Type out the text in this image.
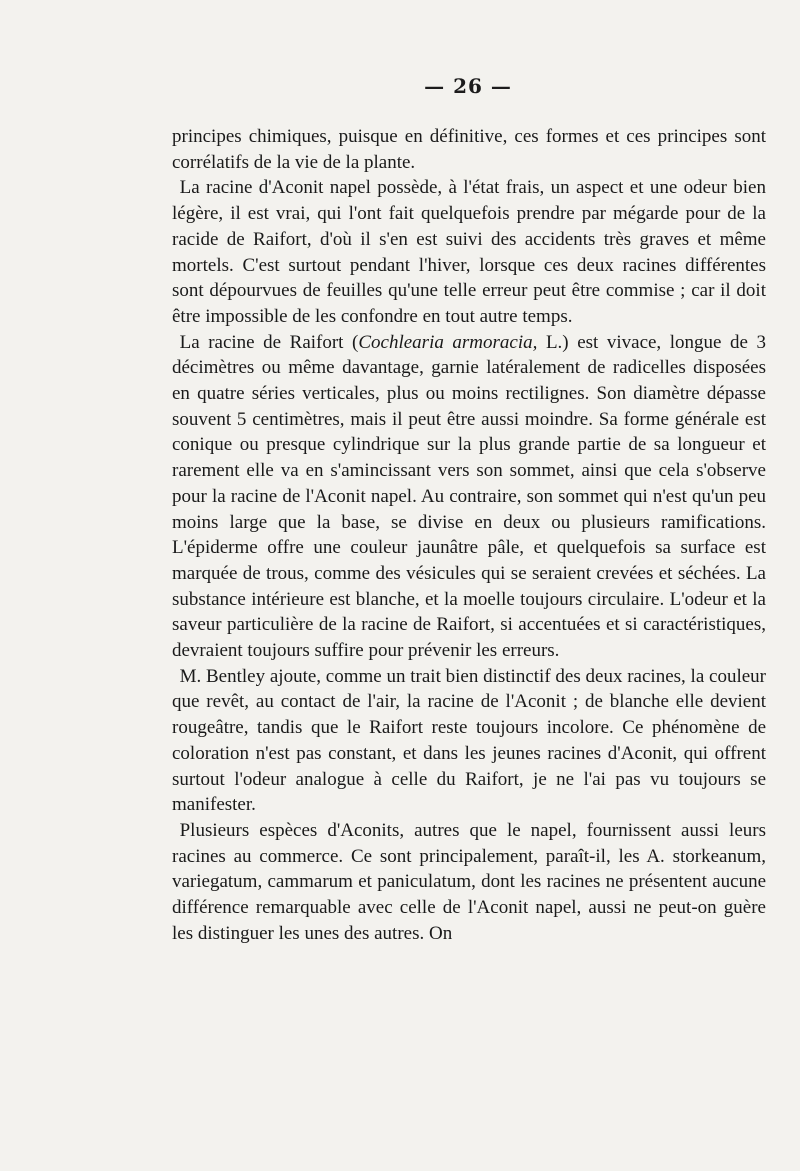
— 26 —

principes chimiques, puisque en définitive, ces formes et ces principes sont corrélatifs de la vie de la plante.

La racine d'Aconit napel possède, à l'état frais, un aspect et une odeur bien légère, il est vrai, qui l'ont fait quelquefois prendre par mégarde pour de la racide de Raifort, d'où il s'en est suivi des accidents très graves et même mortels. C'est surtout pendant l'hiver, lorsque ces deux racines différentes sont dépourvues de feuilles qu'une telle erreur peut être commise ; car il doit être impossible de les confondre en tout autre temps.

La racine de Raifort (Cochlearia armoracia, L.) est vivace, longue de 3 décimètres ou même davantage, garnie latéralement de radicelles disposées en quatre séries verticales, plus ou moins rectilignes. Son diamètre dépasse souvent 5 centimètres, mais il peut être aussi moindre. Sa forme générale est conique ou presque cylindrique sur la plus grande partie de sa longueur et rarement elle va en s'amincissant vers son sommet, ainsi que cela s'observe pour la racine de l'Aconit napel. Au contraire, son sommet qui n'est qu'un peu moins large que la base, se divise en deux ou plusieurs ramifications. L'épiderme offre une couleur jaunâtre pâle, et quelquefois sa surface est marquée de trous, comme des vésicules qui se seraient crevées et séchées. La substance intérieure est blanche, et la moelle toujours circulaire. L'odeur et la saveur particulière de la racine de Raifort, si accentuées et si caractéristiques, devraient toujours suffire pour prévenir les erreurs.

M. Bentley ajoute, comme un trait bien distinctif des deux racines, la couleur que revêt, au contact de l'air, la racine de l'Aconit ; de blanche elle devient rougeâtre, tandis que le Raifort reste toujours incolore. Ce phénomène de coloration n'est pas constant, et dans les jeunes racines d'Aconit, qui offrent surtout l'odeur analogue à celle du Raifort, je ne l'ai pas vu toujours se manifester.

Plusieurs espèces d'Aconits, autres que le napel, fournissent aussi leurs racines au commerce. Ce sont principalement, paraît-il, les A. storkeanum, variegatum, cammarum et paniculatum, dont les racines ne présentent aucune différence remarquable avec celle de l'Aconit napel, aussi ne peut-on guère les distinguer les unes des autres. On
